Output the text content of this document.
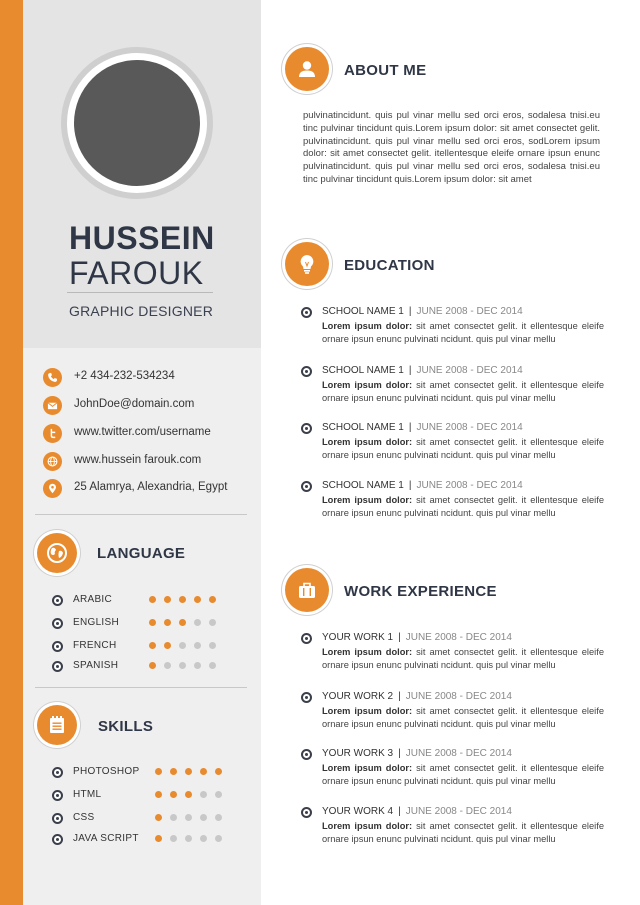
HUSSEIN
FAROUK
GRAPHIC DESIGNER
+2 434-232-534234
JohnDoe@domain.com
www.twitter.com/username
www.hussein farouk.com
25 Alamrya, Alexandria, Egypt
LANGUAGE
ARABIC
ENGLISH
FRENCH
SPANISH
SKILLS
PHOTOSHOP
HTML
CSS
JAVA SCRIPT
ABOUT ME
pulvinatincidunt. quis pul vinar mellu sed orci eros, sodalesa tnisi.eu tinc pulvinar tincidunt quis.Lorem ipsum dolor: sit amet consectet gelit. pulvinatincidunt. quis pul vinar mellu sed orci eros, sodLorem ipsum dolor: sit amet consectet gelit. itellentesque eleife ornare ipsun enunc pulvinatincidunt. quis pul vinar mellu sed orci eros, sodalesa tnisi.eu tinc pulvinar tincidunt quis.Lorem ipsum dolor: sit amet
EDUCATION
SCHOOL NAME 1 | JUNE 2008 - DEC 2014
Lorem ipsum dolor: sit amet consectet gelit. it ellentesque eleife ornare ipsun enunc pulvinati ncidunt. quis pul vinar mellu
SCHOOL NAME 1 | JUNE 2008 - DEC 2014
Lorem ipsum dolor: sit amet consectet gelit. it ellentesque eleife ornare ipsun enunc pulvinati ncidunt. quis pul vinar mellu
SCHOOL NAME 1 | JUNE 2008 - DEC 2014
Lorem ipsum dolor: sit amet consectet gelit. it ellentesque eleife ornare ipsun enunc pulvinati ncidunt. quis pul vinar mellu
SCHOOL NAME 1 | JUNE 2008 - DEC 2014
Lorem ipsum dolor: sit amet consectet gelit. it ellentesque eleife ornare ipsun enunc pulvinati ncidunt. quis pul vinar mellu
WORK EXPERIENCE
YOUR WORK 1 | JUNE 2008 - DEC 2014
Lorem ipsum dolor: sit amet consectet gelit. it ellentesque eleife ornare ipsun enunc pulvinati ncidunt. quis pul vinar mellu
YOUR WORK 2 | JUNE 2008 - DEC 2014
Lorem ipsum dolor: sit amet consectet gelit. it ellentesque eleife ornare ipsun enunc pulvinati ncidunt. quis pul vinar mellu
YOUR WORK 3 | JUNE 2008 - DEC 2014
Lorem ipsum dolor: sit amet consectet gelit. it ellentesque eleife ornare ipsun enunc pulvinati ncidunt. quis pul vinar mellu
YOUR WORK 4 | JUNE 2008 - DEC 2014
Lorem ipsum dolor: sit amet consectet gelit. it ellentesque eleife ornare ipsun enunc pulvinati ncidunt. quis pul vinar mellu
